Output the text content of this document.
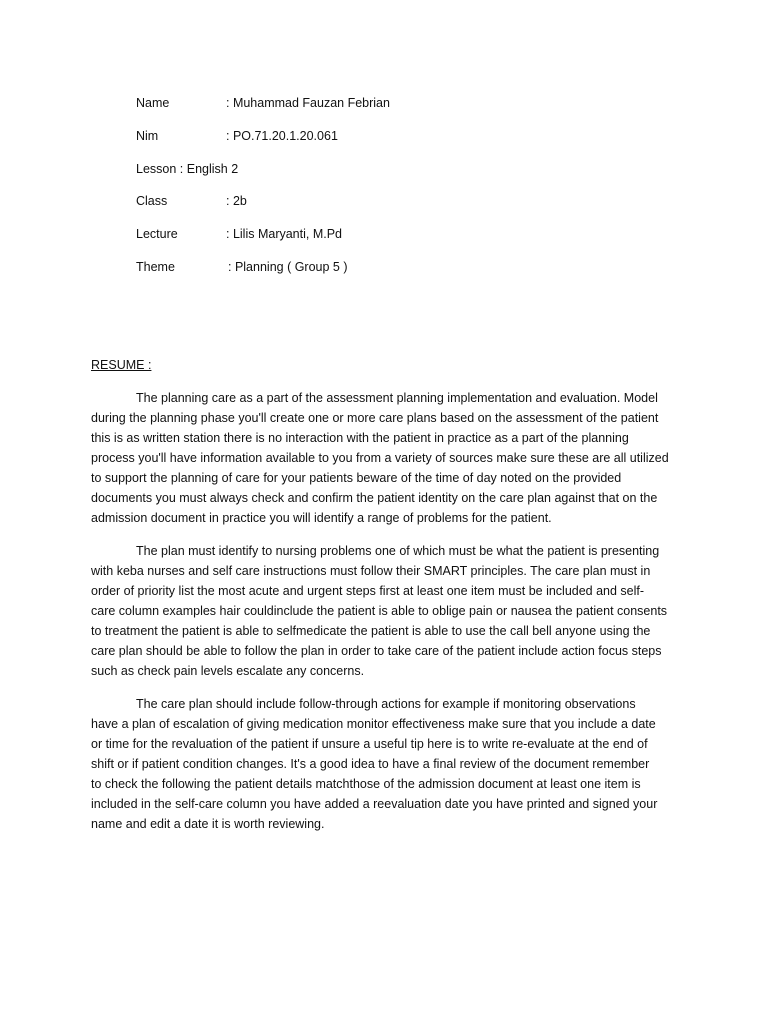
Name	: Muhammad Fauzan Febrian
Nim	: PO.71.20.1.20.061
Lesson : English 2
Class	: 2b
Lecture	: Lilis Maryanti, M.Pd
Theme	: Planning ( Group 5 )
RESUME :
The planning care as a part of the assessment planning implementation and evaluation. Model
during the planning phase you'll create one or more care plans based on the assessment of the patient
this is as written station there is no interaction with the patient in practice as a part of the planning
process you'll have information available to you from a variety of sources make sure these are all utilized
to support the planning of care for your patients beware of the time of day noted on the provided
documents you must always check and confirm the patient identity on the care plan against that on the
admission document in practice you will identify a range of problems for the patient.
The plan must identify to nursing problems one of which must be what the patient is presenting
with keba nurses and self care instructions must follow their SMART principles. The care plan must in
order of priority list the most acute and urgent steps first at least one item must be included and self-
care column examples hair couldinclude the patient is able to oblige pain or nausea the patient consents
to treatment the patient is able to selfmedicate the patient is able to use the call bell anyone using the
care plan should be able to follow the plan in order to take care of the patient include action focus steps
such as check pain levels escalate any concerns.
The care plan should include follow-through actions for example if monitoring observations
have a plan of escalation of giving medication monitor effectiveness make sure that you include a date
or time for the revaluation of the patient if unsure a useful tip here is to write re-evaluate at the end of
shift or if patient condition changes. It's a good idea to have a final review of the document remember
to check the following the patient details matchthose of the admission document at least one item is
included in the self-care column you have added a reevaluation date you have printed and signed your
name and edit a date it is worth reviewing.
